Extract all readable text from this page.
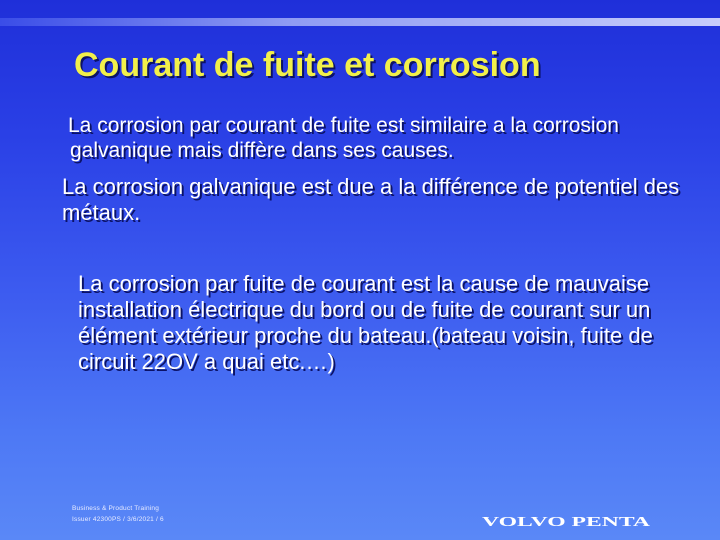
Courant de fuite et corrosion

La corrosion par courant de fuite est similaire a la corrosion galvanique mais diffère dans ses causes.

La corrosion galvanique est due a la différence de potentiel des métaux.

La corrosion par fuite de courant est la cause de mauvaise installation électrique du bord ou de fuite de courant sur un élément extérieur proche du bateau.(bateau voisin, fuite de circuit 22OV a quai etc.…)

Business & Product Training
Issuer 42300PS / 3/6/2021 / 6	VOLVO PENTA
